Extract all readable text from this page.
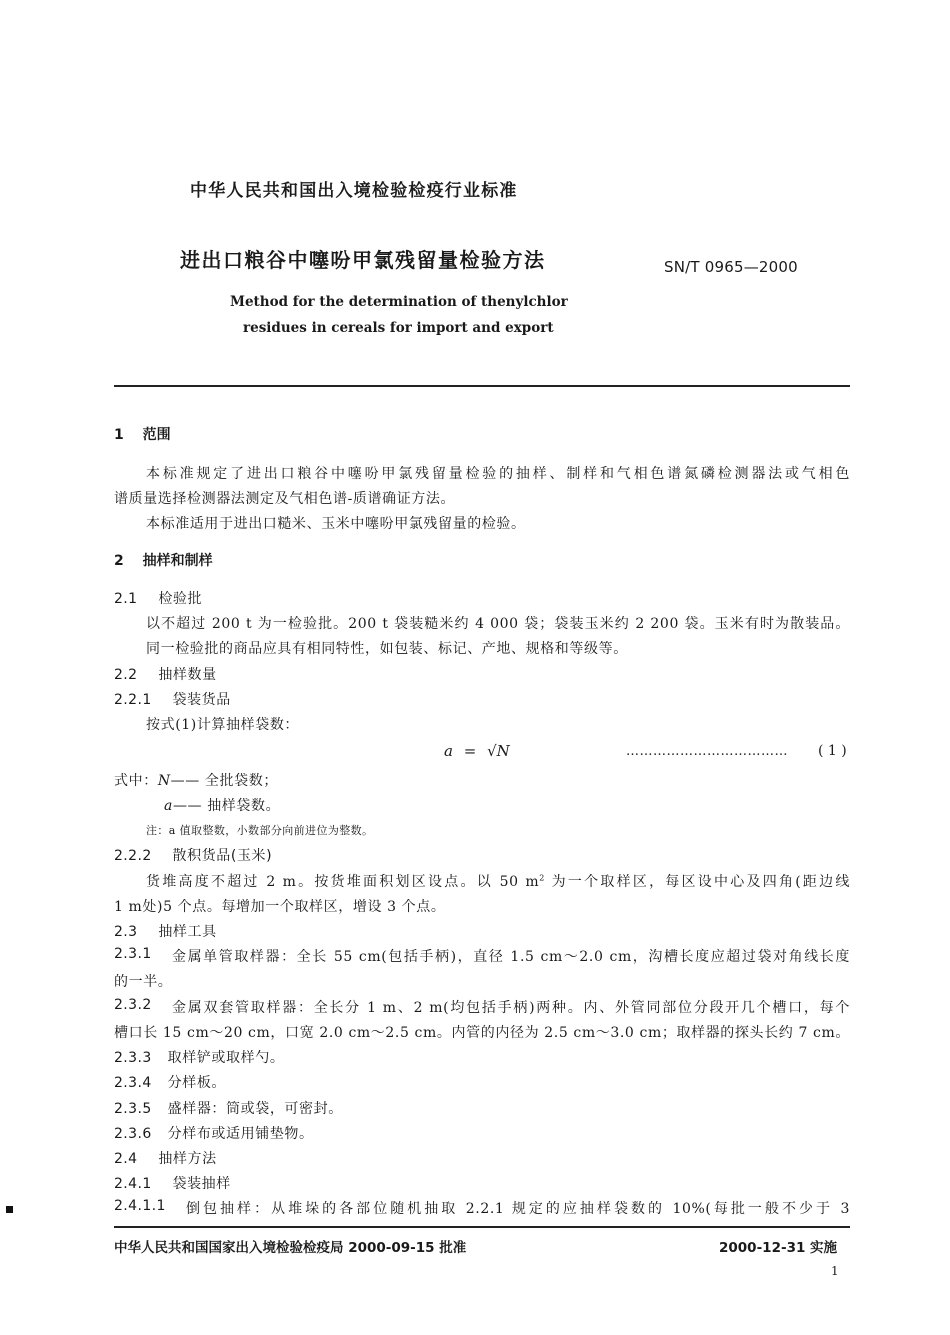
中华人民共和国出入境检验检疫行业标准
进出口粮谷中噻吩甲氯残留量检验方法	SN/T 0965—2000
Method for the determination of thenylchlor
residues in cereals for import and export
1 范围
本标准规定了进出口粮谷中噻吩甲氯残留量检验的抽样、制样和气相色谱氮磷检测器法或气相色
谱质量选择检测器法测定及气相色谱-质谱确证方法。
本标准适用于进出口糙米、玉米中噻吩甲氯残留量的检验。
2 抽样和制样
2.1 检验批
以不超过 200 t 为一检验批。200 t 袋装糙米约 4 000 袋；袋装玉米约 2 200 袋。玉米有时为散装品。
同一检验批的商品应具有相同特性，如包装、标记、产地、规格和等级等。
2.2 抽样数量
2.2.1 袋装货品
按式(1)计算抽样袋数：
a = √N	……………………………… ( 1 )
式中：N—— 全批袋数；
a—— 抽样袋数。
注：a 值取整数，小数部分向前进位为整数。
2.2.2 散积货品(玉米)
货堆高度不超过 2 m。按货堆面积划区设点。以 50 $m^2$ 为一个取样区，每区设中心及四角(距边线
1 m处)5 个点。每增加一个取样区，增设 3 个点。
2.3 抽样工具
2.3.1 金属单管取样器：全长 55 cm(包括手柄)，直径 1.5 cm～2.0 cm，沟槽长度应超过袋对角线长度
的一半。
2.3.2 金属双套管取样器：全长分 1 m、2 m(均包括手柄)两种。内、外管同部位分段开几个槽口，每个
槽口长 15 cm～20 cm，口宽 2.0 cm～2.5 cm。内管的内径为 2.5 cm～3.0 cm；取样器的探头长约 7 cm。
2.3.3 取样铲或取样勺。
2.3.4 分样板。
2.3.5 盛样器：筒或袋，可密封。
2.3.6 分样布或适用铺垫物。
2.4 抽样方法
2.4.1 袋装抽样
2.4.1.1 倒包抽样：从堆垛的各部位随机抽取 2.2.1 规定的应抽样袋数的 10%(每批一般不少于 3
中华人民共和国国家出入境检验检疫局 2000-09-15 批准	2000-12-31 实施
1
